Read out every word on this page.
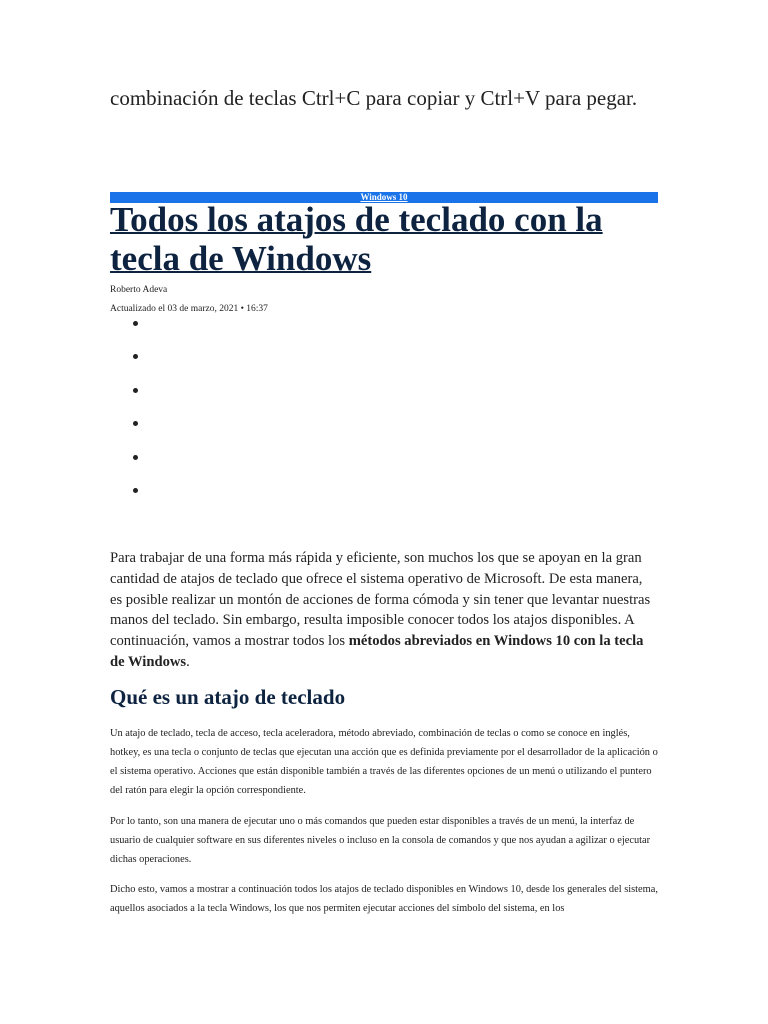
combinación de teclas Ctrl+C para copiar y Ctrl+V para pegar.

Windows 10
Todos los atajos de teclado con la tecla de Windows

Roberto Adeva

Actualizado el 03 de marzo, 2021 • 16:37

Para trabajar de una forma más rápida y eficiente, son muchos los que se apoyan en la gran cantidad de atajos de teclado que ofrece el sistema operativo de Microsoft. De esta manera, es posible realizar un montón de acciones de forma cómoda y sin tener que levantar nuestras manos del teclado. Sin embargo, resulta imposible conocer todos los atajos disponibles. A continuación, vamos a mostrar todos los métodos abreviados en Windows 10 con la tecla de Windows.

Qué es un atajo de teclado

Un atajo de teclado, tecla de acceso, tecla aceleradora, método abreviado, combinación de teclas o como se conoce en inglés, hotkey, es una tecla o conjunto de teclas que ejecutan una acción que es definida previamente por el desarrollador de la aplicación o el sistema operativo. Acciones que están disponible también a través de las diferentes opciones de un menú o utilizando el puntero del ratón para elegir la opción correspondiente.

Por lo tanto, son una manera de ejecutar uno o más comandos que pueden estar disponibles a través de un menú, la interfaz de usuario de cualquier software en sus diferentes niveles o incluso en la consola de comandos y que nos ayudan a agilizar o ejecutar dichas operaciones.

Dicho esto, vamos a mostrar a continuación todos los atajos de teclado disponibles en Windows 10, desde los generales del sistema, aquellos asociados a la tecla Windows, los que nos permiten ejecutar acciones del símbolo del sistema, en los
